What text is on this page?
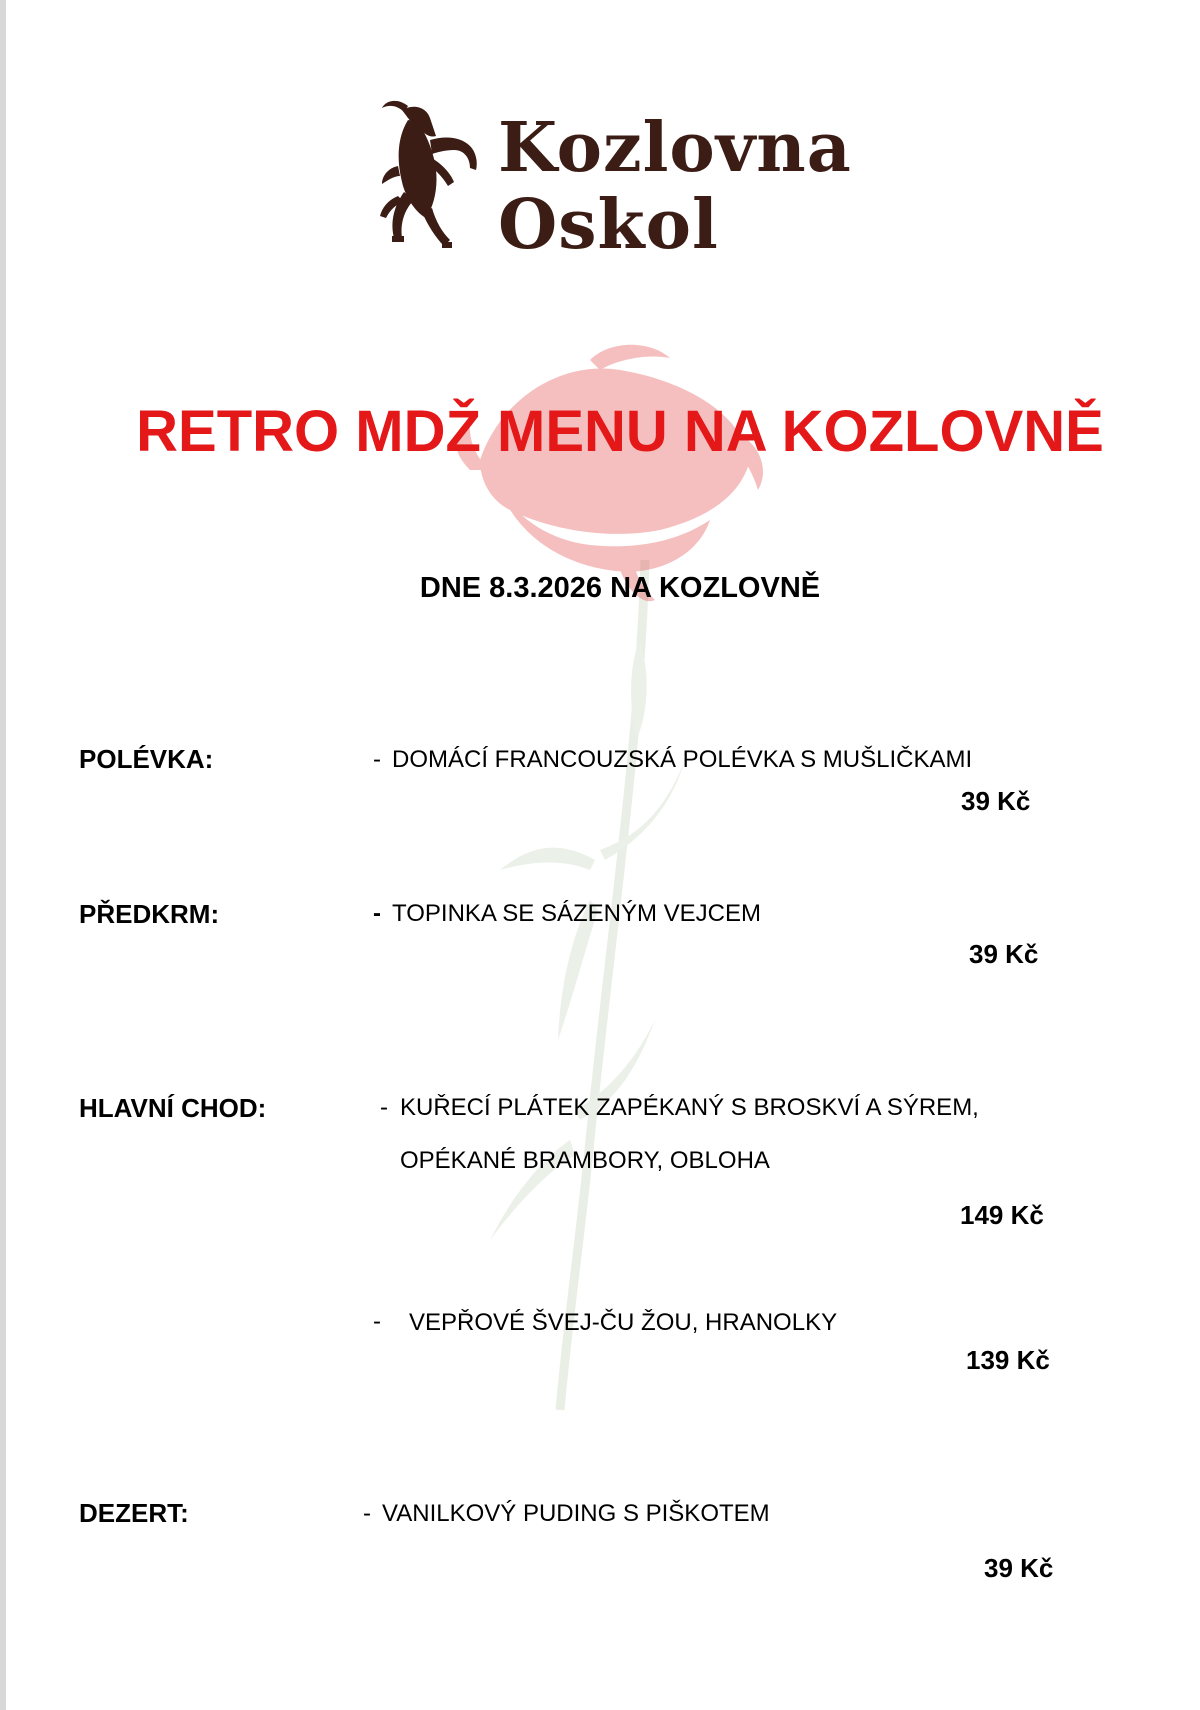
Kozlovna
Oskol
RETRO MDŽ MENU NA KOZLOVNĚ
DNE 8.3.2026 NA KOZLOVNĚ
POLÉVKA:	- DOMÁCÍ FRANCOUZSKÁ POLÉVKA S MUŠLIČKAMI
39 Kč
PŘEDKRM:	- TOPINKA SE SÁZENÝM VEJCEM
39 Kč
HLAVNÍ CHOD:	- KUŘECÍ PLÁTEK ZAPÉKANÝ S BROSKVÍ A SÝREM,
OPÉKANÉ BRAMBORY, OBLOHA
149 Kč
- VEPŘOVÉ ŠVEJ-ČU ŽOU, HRANOLKY
139 Kč
DEZERT:	- VANILKOVÝ PUDING S PIŠKOTEM
39 Kč
